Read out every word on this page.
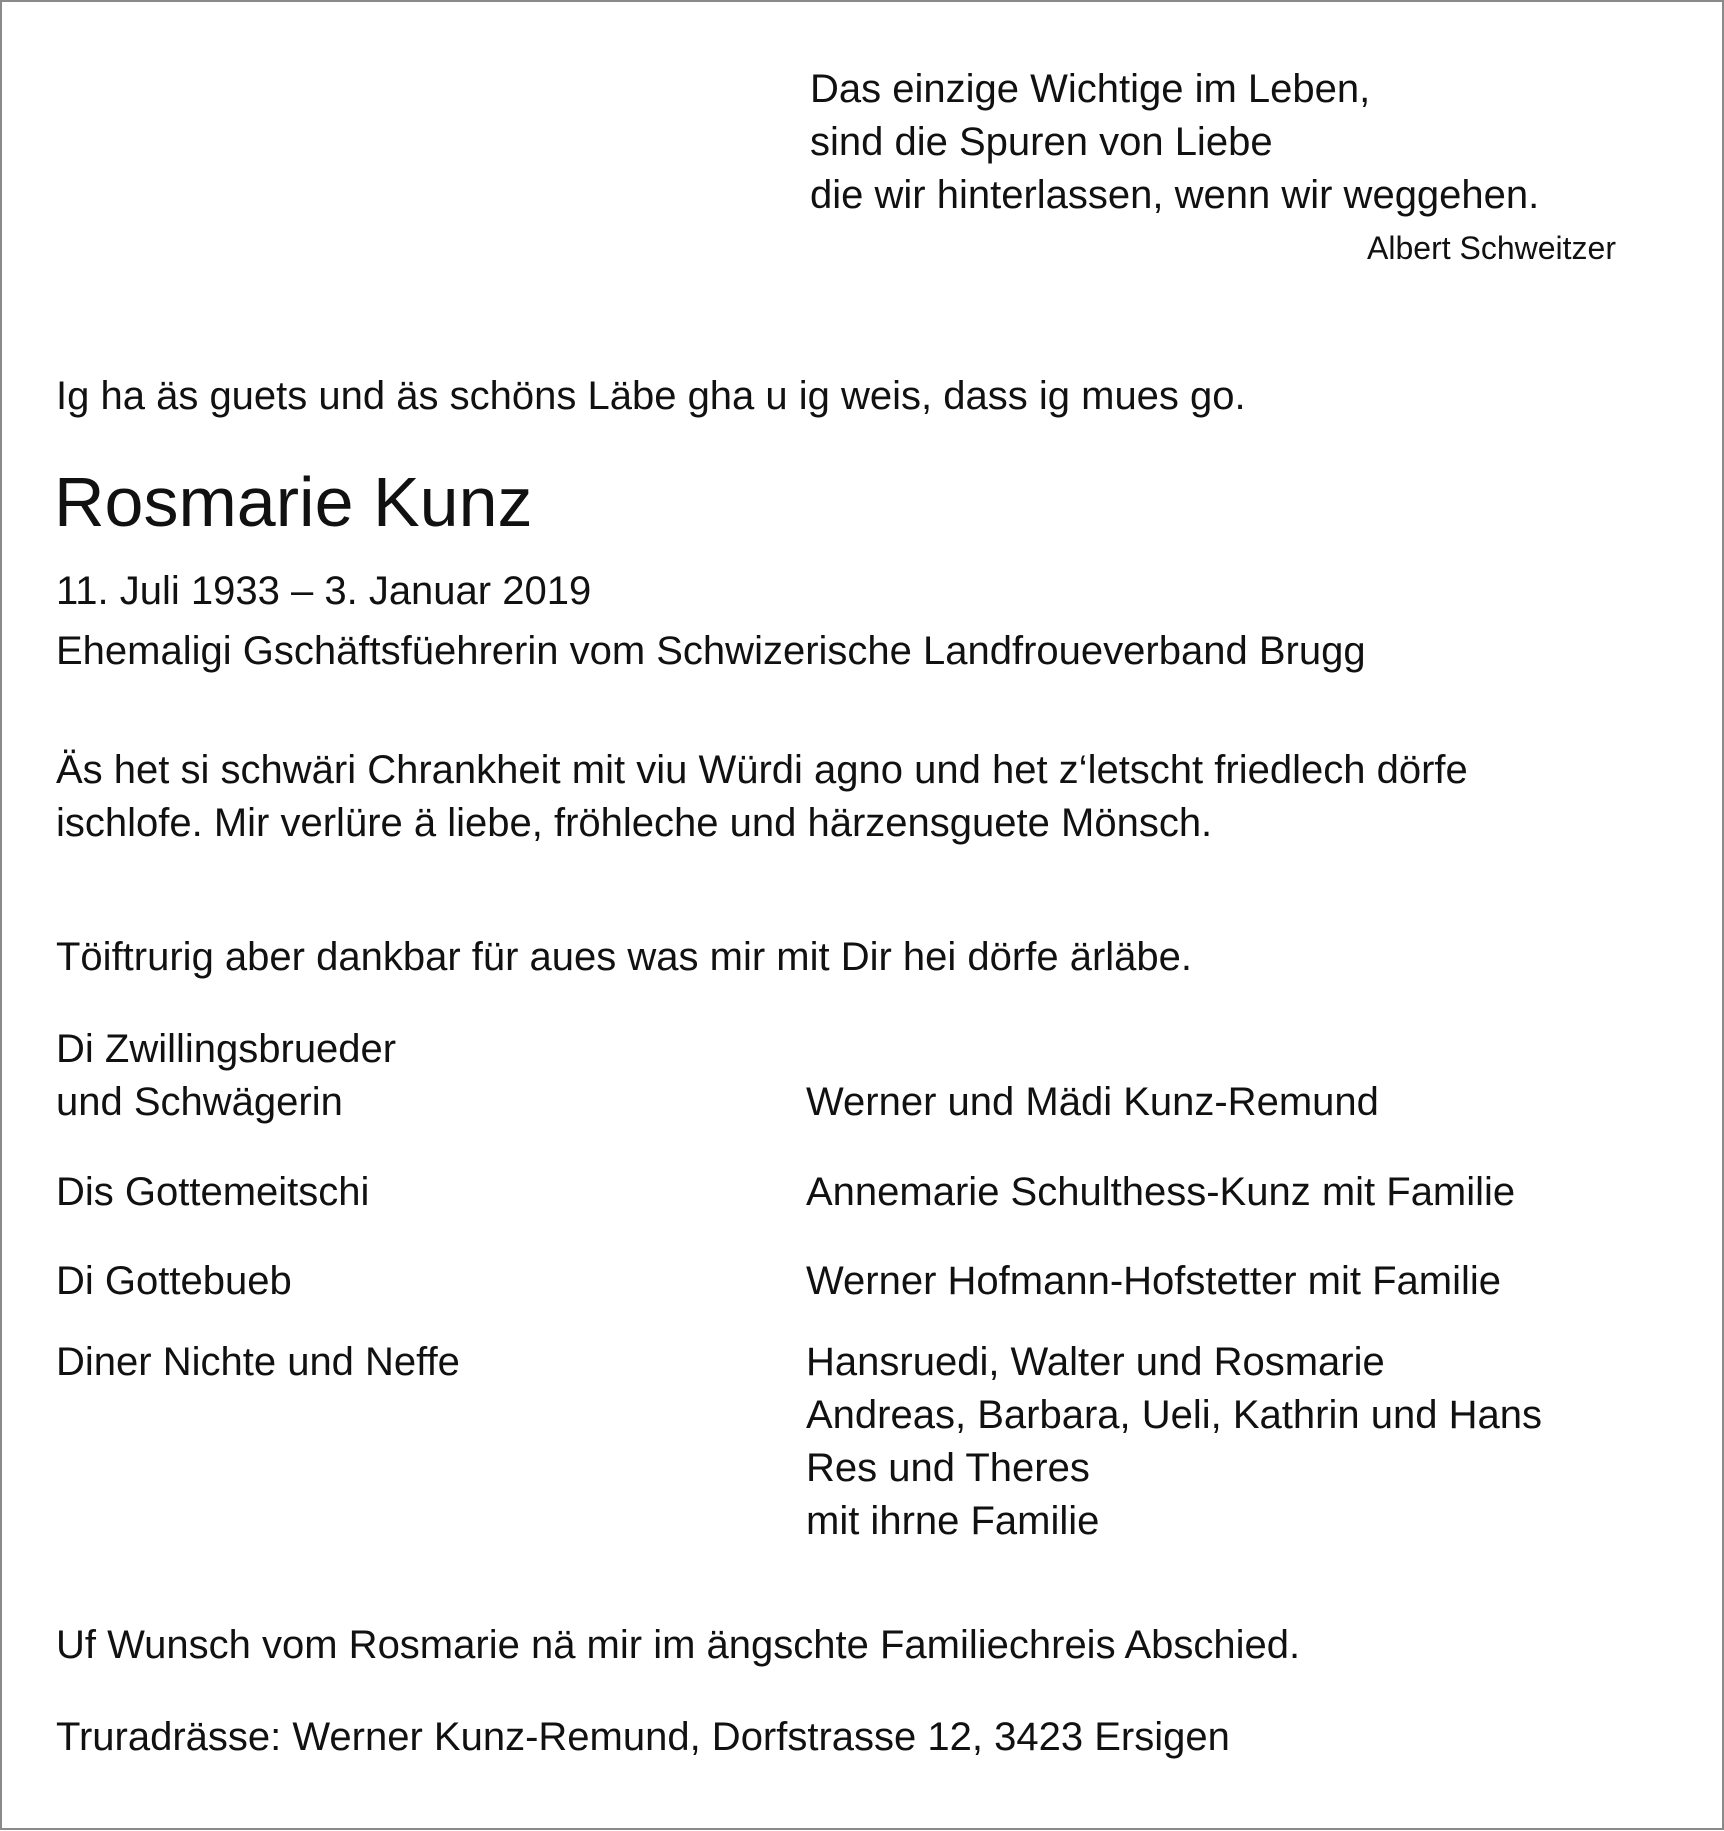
Das einzige Wichtige im Leben,
sind die Spuren von Liebe
die wir hinterlassen, wenn wir weggehen.
Albert Schweitzer

Ig ha äs guets und äs schöns Läbe gha u ig weis, dass ig mues go.

Rosmarie Kunz

11. Juli 1933 – 3. Januar 2019

Ehemaligi Gschäftsfüehrerin vom Schwizerische Landfroueverband Brugg

Äs het si schwäri Chrankheit mit viu Würdi agno und het z‘letscht friedlech dörfe
ischlofe. Mir verlüre ä liebe, fröhleche und härzensguete Mönsch.

Töiftrurig aber dankbar für aues was mir mit Dir hei dörfe ärläbe.

Di Zwillingsbrueder
und Schwägerin	Werner und Mädi Kunz-Remund
Dis Gottemeitschi	Annemarie Schulthess-Kunz mit Familie
Di Gottebueb	Werner Hofmann-Hofstetter mit Familie
Diner Nichte und Neffe	Hansruedi, Walter und Rosmarie
Andreas, Barbara, Ueli, Kathrin und Hans
Res und Theres
mit ihrne Familie

Uf Wunsch vom Rosmarie nä mir im ängschte Familiechreis Abschied.

Truradrässe: Werner Kunz-Remund, Dorfstrasse 12, 3423 Ersigen
